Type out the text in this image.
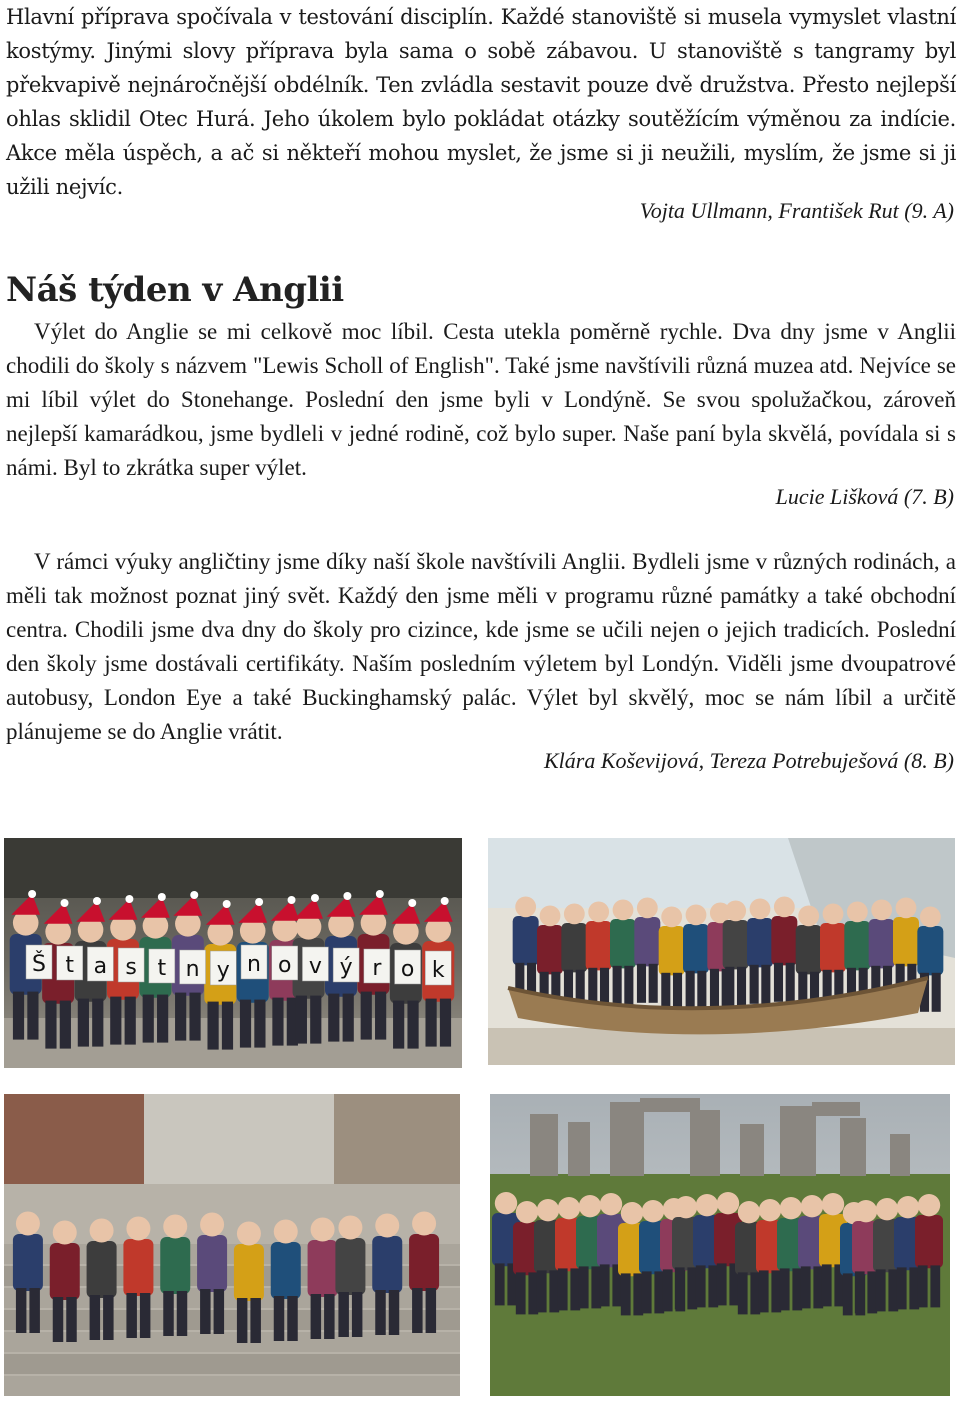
Hlavní příprava spočívala v testování disciplín. Každé stanoviště si musela vymyslet vlastní kostýmy. Jinými slovy příprava byla sama o sobě zábavou. U stanoviště s tangramy byl překvapivě nejnáročnější obdélník. Ten zvládla sestavit pouze dvě družstva. Přesto nejlepší ohlas sklidil Otec Hurá. Jeho úkolem bylo pokládat otázky soutěžícím výměnou za indície. Akce měla úspěch, a ač si někteří mohou myslet, že jsme si ji neužili, myslím, že jsme si ji užili nejvíc.

Vojta Ullmann, František Rut (9. A)

Náš týden v Anglii

Výlet do Anglie se mi celkově moc líbil. Cesta utekla poměrně rychle. Dva dny jsme v Anglii chodili do školy s názvem "Lewis Scholl of English". Také jsme navštívili různá muzea atd. Nejvíce se mi líbil výlet do Stonehange. Poslední den jsme byli v Londýně. Se svou spolužačkou, zároveň nejlepší kamarádkou, jsme bydleli v jedné rodině, což bylo super. Naše paní byla skvělá, povídala si s námi. Byl to zkrátka super výlet.

Lucie Lišková (7. B)

V rámci výuky angličtiny jsme díky naší škole navštívili Anglii. Bydleli jsme v různých rodinách, a měli tak možnost poznat jiný svět. Každý den jsme měli v programu různé památky a také obchodní centra. Chodili jsme dva dny do školy pro cizince, kde jsme se učili nejen o jejich tradicích. Poslední den školy jsme dostávali certifikáty. Naším posledním výletem byl Londýn. Viděli jsme dvoupatrové autobusy, London Eye a také Buckinghamský palác. Výlet byl skvělý, moc se nám líbil a určitě plánujeme se do Anglie vrátit.

Klára Koševijová, Tereza Potrebuješová (8. B)

Š t a s t n y n o v ý r o k
